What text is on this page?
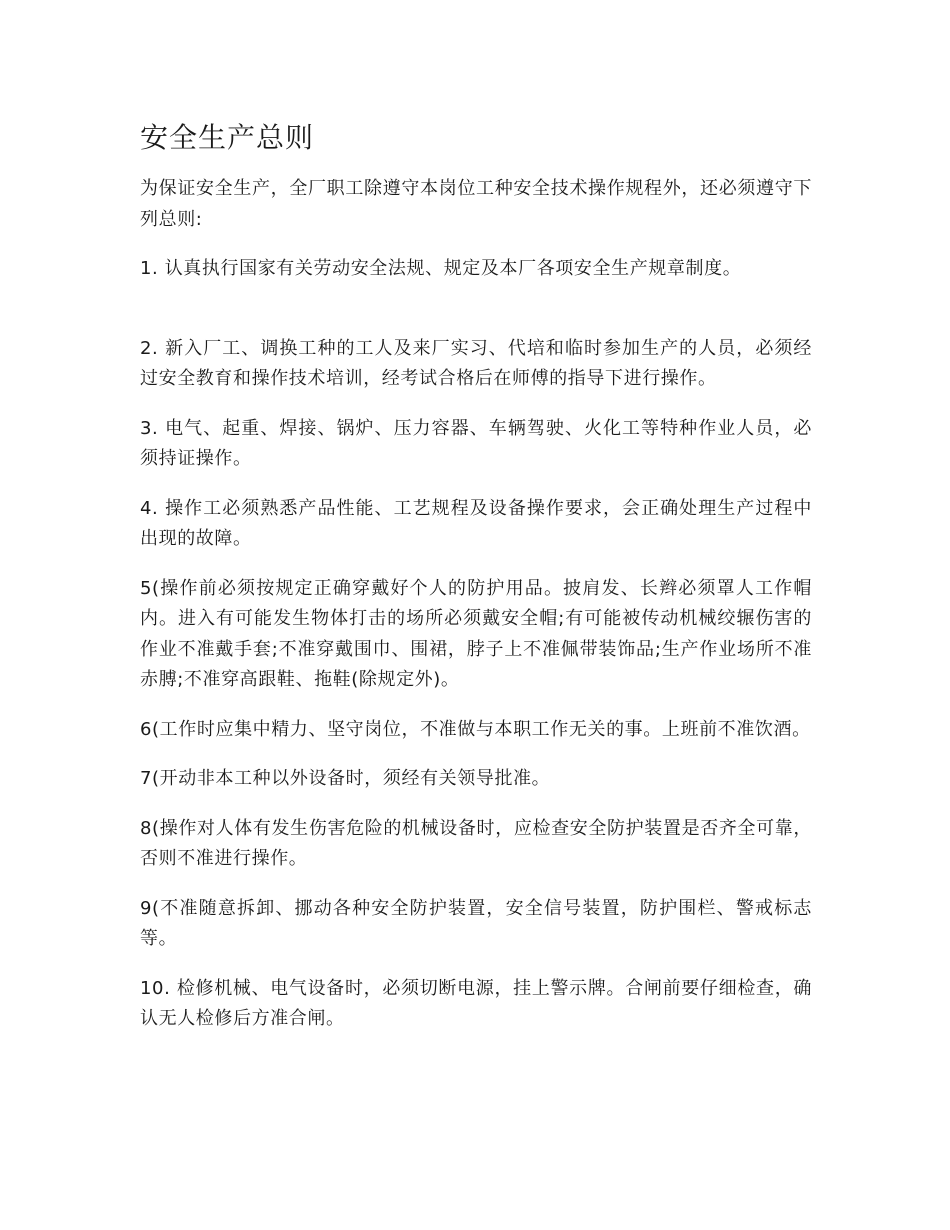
安全生产总则

为保证安全生产，全厂职工除遵守本岗位工种安全技术操作规程外，还必须遵守下列总则:

1. 认真执行国家有关劳动安全法规、规定及本厂各项安全生产规章制度。

2. 新入厂工、调换工种的工人及来厂实习、代培和临时参加生产的人员，必须经过安全教育和操作技术培训，经考试合格后在师傅的指导下进行操作。

3. 电气、起重、焊接、锅炉、压力容器、车辆驾驶、火化工等特种作业人员，必须持证操作。

4. 操作工必须熟悉产品性能、工艺规程及设备操作要求，会正确处理生产过程中出现的故障。

5(操作前必须按规定正确穿戴好个人的防护用品。披肩发、长辫必须罩人工作帽内。进入有可能发生物体打击的场所必须戴安全帽;有可能被传动机械绞辗伤害的作业不准戴手套;不准穿戴围巾、围裙，脖子上不准佩带装饰品;生产作业场所不准赤膊;不准穿高跟鞋、拖鞋(除规定外)。

6(工作时应集中精力、坚守岗位，不准做与本职工作无关的事。上班前不准饮酒。

7(开动非本工种以外设备时，须经有关领导批准。

8(操作对人体有发生伤害危险的机械设备时，应检查安全防护装置是否齐全可靠，否则不准进行操作。

9(不准随意拆卸、挪动各种安全防护装置，安全信号装置，防护围栏、警戒标志等。

10. 检修机械、电气设备时，必须切断电源，挂上警示牌。合闸前要仔细检查，确认无人检修后方准合闸。
